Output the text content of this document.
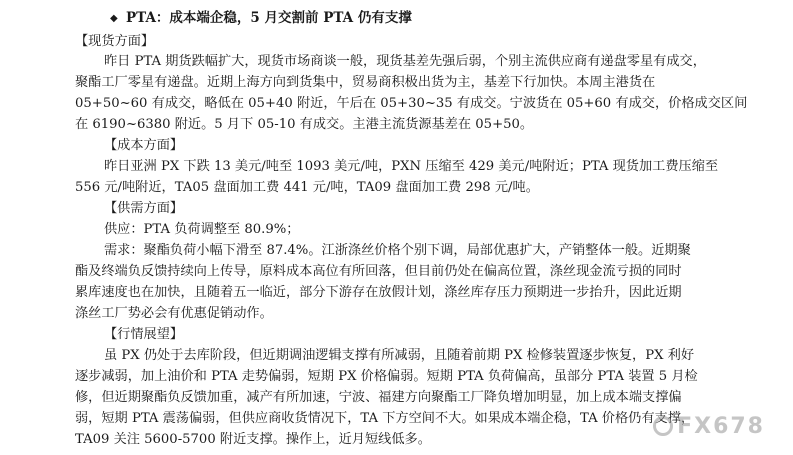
◆ PTA：成本端企稳，5 月交割前 PTA 仍有支撑
【现货方面】
昨日 PTA 期货跌幅扩大，现货市场商谈一般，现货基差先强后弱，个别主流供应商有递盘零星有成交，
聚酯工厂零星有递盘。近期上海方向到货集中，贸易商积极出货为主，基差下行加快。本周主港货在
05+50~60 有成交，略低在 05+40 附近，午后在 05+30~35 有成交。宁波货在 05+60 有成交，价格成交区间
在 6190~6380 附近。5 月下 05-10 有成交。主港主流货源基差在 05+50。
【成本方面】
昨日亚洲 PX 下跌 13 美元/吨至 1093 美元/吨，PXN 压缩至 429 美元/吨附近；PTA 现货加工费压缩至
556 元/吨附近，TA05 盘面加工费 441 元/吨，TA09 盘面加工费 298 元/吨。
【供需方面】
供应：PTA 负荷调整至 80.9%；
需求：聚酯负荷小幅下滑至 87.4%。江浙涤丝价格个别下调，局部优惠扩大，产销整体一般。近期聚
酯及终端负反馈持续向上传导，原料成本高位有所回落，但目前仍处在偏高位置，涤丝现金流亏损的同时
累库速度也在加快，且随着五一临近，部分下游存在放假计划，涤丝库存压力预期进一步抬升，因此近期
涤丝工厂势必会有优惠促销动作。
【行情展望】
虽 PX 仍处于去库阶段，但近期调油逻辑支撑有所减弱，且随着前期 PX 检修装置逐步恢复，PX 利好
逐步减弱，加上油价和 PTA 走势偏弱，短期 PX 价格偏弱。短期 PTA 负荷偏高，虽部分 PTA 装置 5 月检
修，但近期聚酯负反馈加重，减产有所加速，宁波、福建方向聚酯工厂降负增加明显，加上成本端支撑偏
弱，短期 PTA 震荡偏弱，但供应商收货情况下，TA 下方空间不大。如果成本端企稳，TA 价格仍有支撑，
TA09 关注 5600-5700 附近支撑。操作上，近月短线低多。
FX678
